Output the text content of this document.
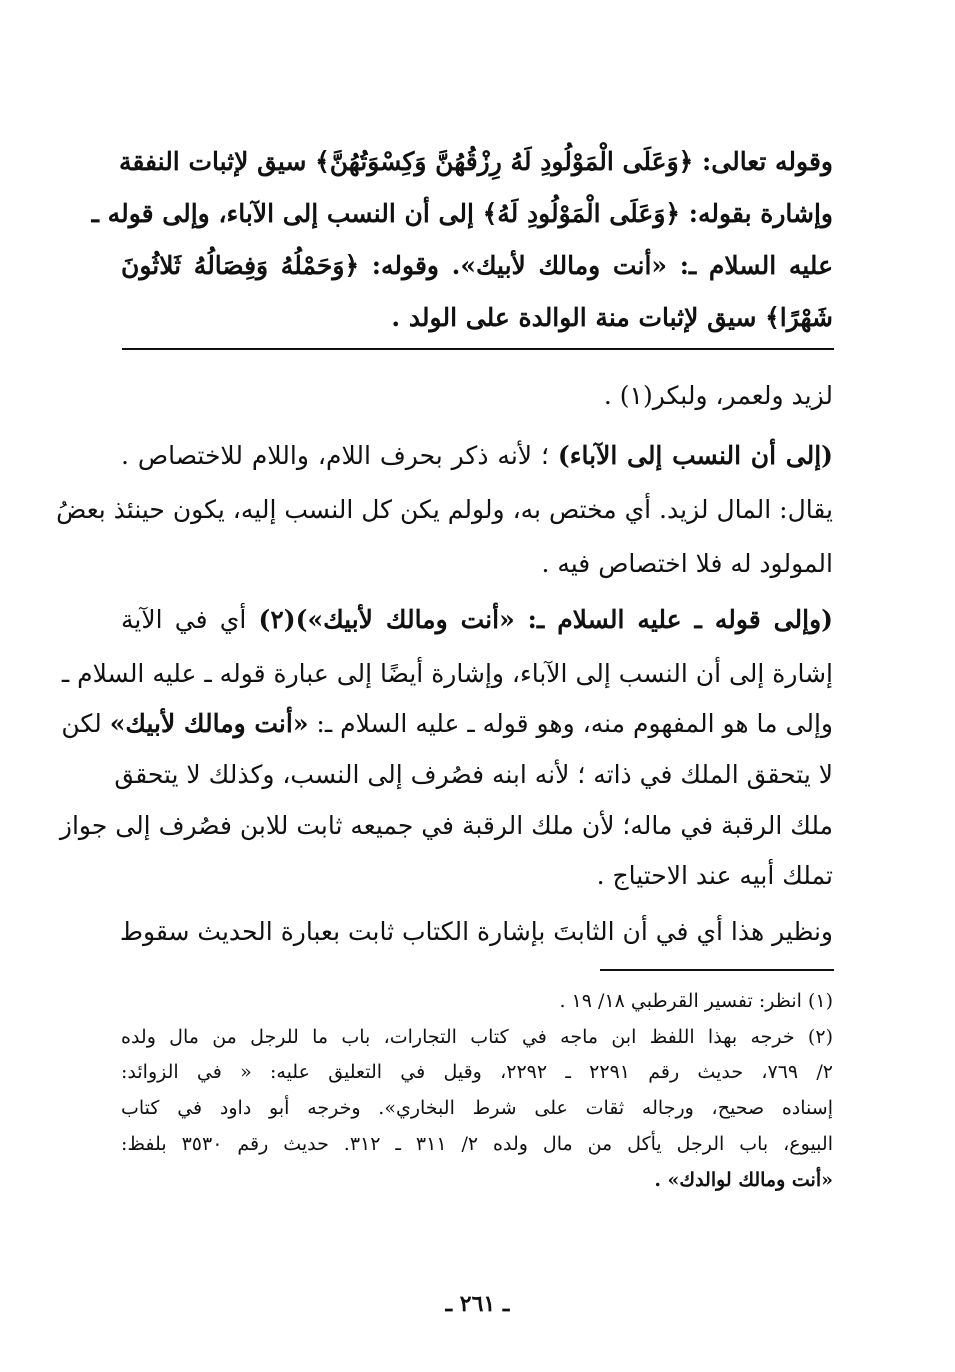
وقوله تعالى: ﴿وَعَلَى الْمَوْلُودِ لَهُ رِزْقُهُنَّ وَكِسْوَتُهُنَّ﴾ سيق لإثبات النفقة
وإشارة بقوله: ﴿وَعَلَى الْمَوْلُودِ لَهُ﴾ إلى أن النسب إلى الآباء، وإلى قوله ـ
عليه السلام ـ: «أنت ومالك لأبيك». وقوله: ﴿وَحَمْلُهُ وَفِصَالُهُ ثَلاثُونَ
شَهْرًا﴾ سيق لإثبات منة الوالدة على الولد .
لزيد ولعمر، ولبكر(١) .
(إلى أن النسب إلى الآباء) ؛ لأنه ذكر بحرف اللام، واللام للاختصاص .
يقال: المال لزيد. أي مختص به، ولولم يكن كل النسب إليه، يكون حينئذ بعضُ
المولود له فلا اختصاص فيه .
(وإلى قوله ـ عليه السلام ـ: «أنت ومالك لأبيك»)(٢) أي في الآية
إشارة إلى أن النسب إلى الآباء، وإشارة أيضًا إلى عبارة قوله ـ عليه السلام ـ
وإلى ما هو المفهوم منه، وهو قوله ـ عليه السلام ـ: «أنت ومالك لأبيك» لكن
لا يتحقق الملك في ذاته ؛ لأنه ابنه فصُرف إلى النسب، وكذلك لا يتحقق
ملك الرقبة في ماله؛ لأن ملك الرقبة في جميعه ثابت للابن فصُرف إلى جواز
تملك أبيه عند الاحتياج .
ونظير هذا أي في أن الثابتَ بإشارة الكتاب ثابت بعبارة الحديث سقوط
(١) انظر: تفسير القرطبي ١٨/ ١٩ .
(٢) خرجه بهذا اللفظ ابن ماجه في كتاب التجارات، باب ما للرجل من مال ولده
٢/ ٧٦٩، حديث رقم ٢٢٩١ ـ ٢٢٩٢، وقيل في التعليق عليه: « في الزوائد:
إسناده صحيح، ورجاله ثقات على شرط البخاري». وخرجه أبو داود في كتاب
البيوع، باب الرجل يأكل من مال ولده ٢/ ٣١١ ـ ٣١٢. حديث رقم ٣٥٣٠ بلفظ:
«أنت ومالك لوالدك» .
ـ ٢٦١ ـ
